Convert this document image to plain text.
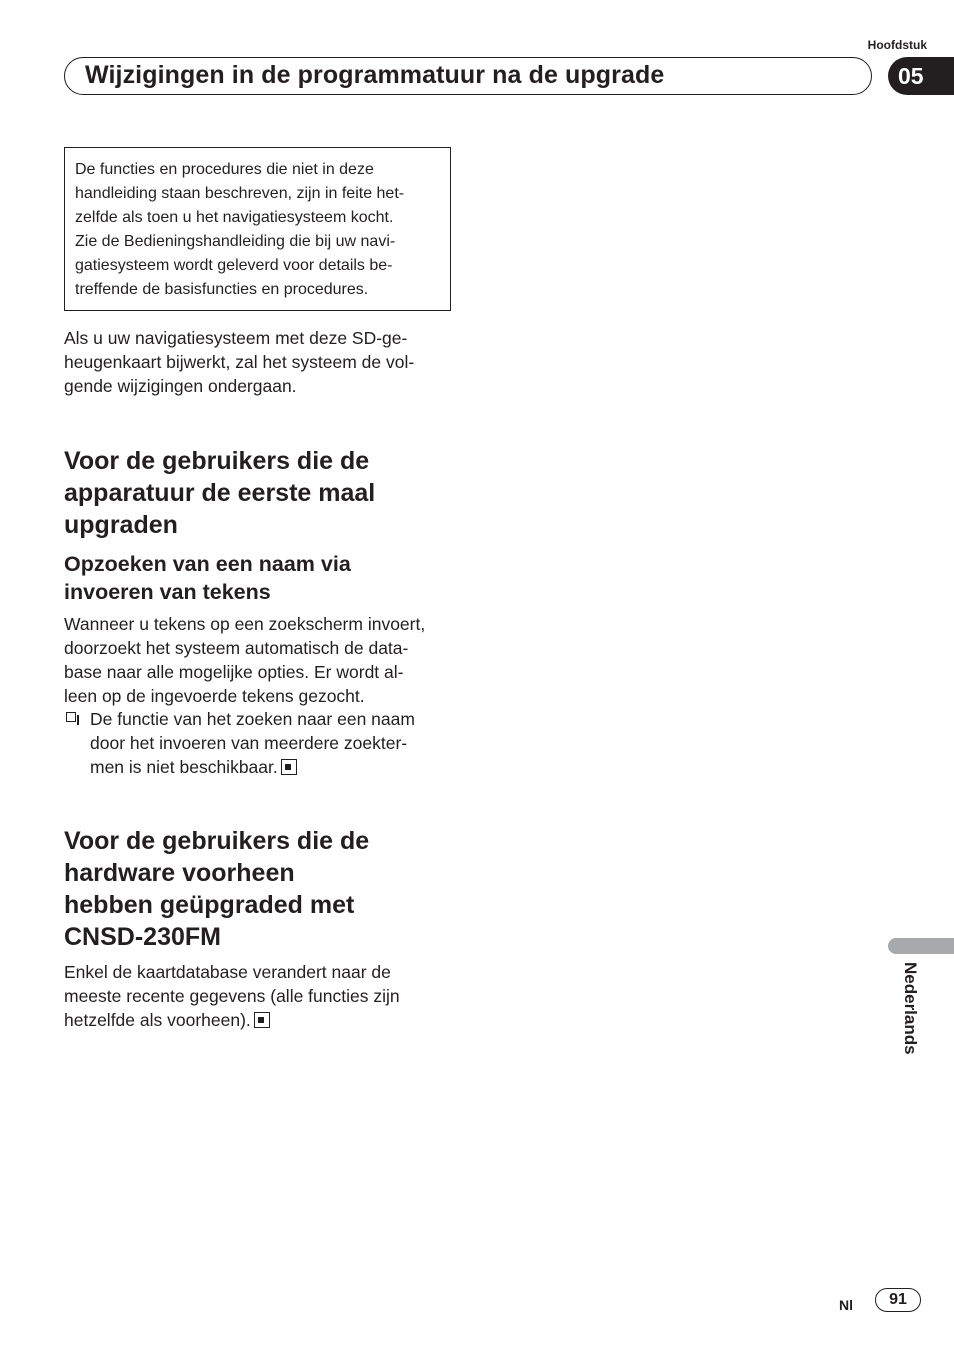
Hoofdstuk
Wijzigingen in de programmatuur na de upgrade	05

De functies en procedures die niet in deze

handleiding staan beschreven, zijn in feite het-

zelfde als toen u het navigatiesysteem kocht.

Zie de Bedieningshandleiding die bij uw navi-

gatiesysteem wordt geleverd voor details be-

treffende de basisfuncties en procedures.

Als u uw navigatiesysteem met deze SD-ge-

heugenkaart bijwerkt, zal het systeem de vol-

gende wijzigingen ondergaan.

Voor de gebruikers die de

apparatuur de eerste maal

upgraden

Opzoeken van een naam via

invoeren van tekens

Wanneer u tekens op een zoekscherm invoert,

doorzoekt het systeem automatisch de data-

base naar alle mogelijke opties. Er wordt al-

leen op de ingevoerde tekens gezocht.

De functie van het zoeken naar een naam

door het invoeren van meerdere zoekter-

men is niet beschikbaar.

Voor de gebruikers die de

hardware voorheen

hebben geüpgraded met

CNSD-230FM

Enkel de kaartdatabase verandert naar de

meeste recente gegevens (alle functies zijn

hetzelfde als voorheen).	Nederlands
Nl	91
